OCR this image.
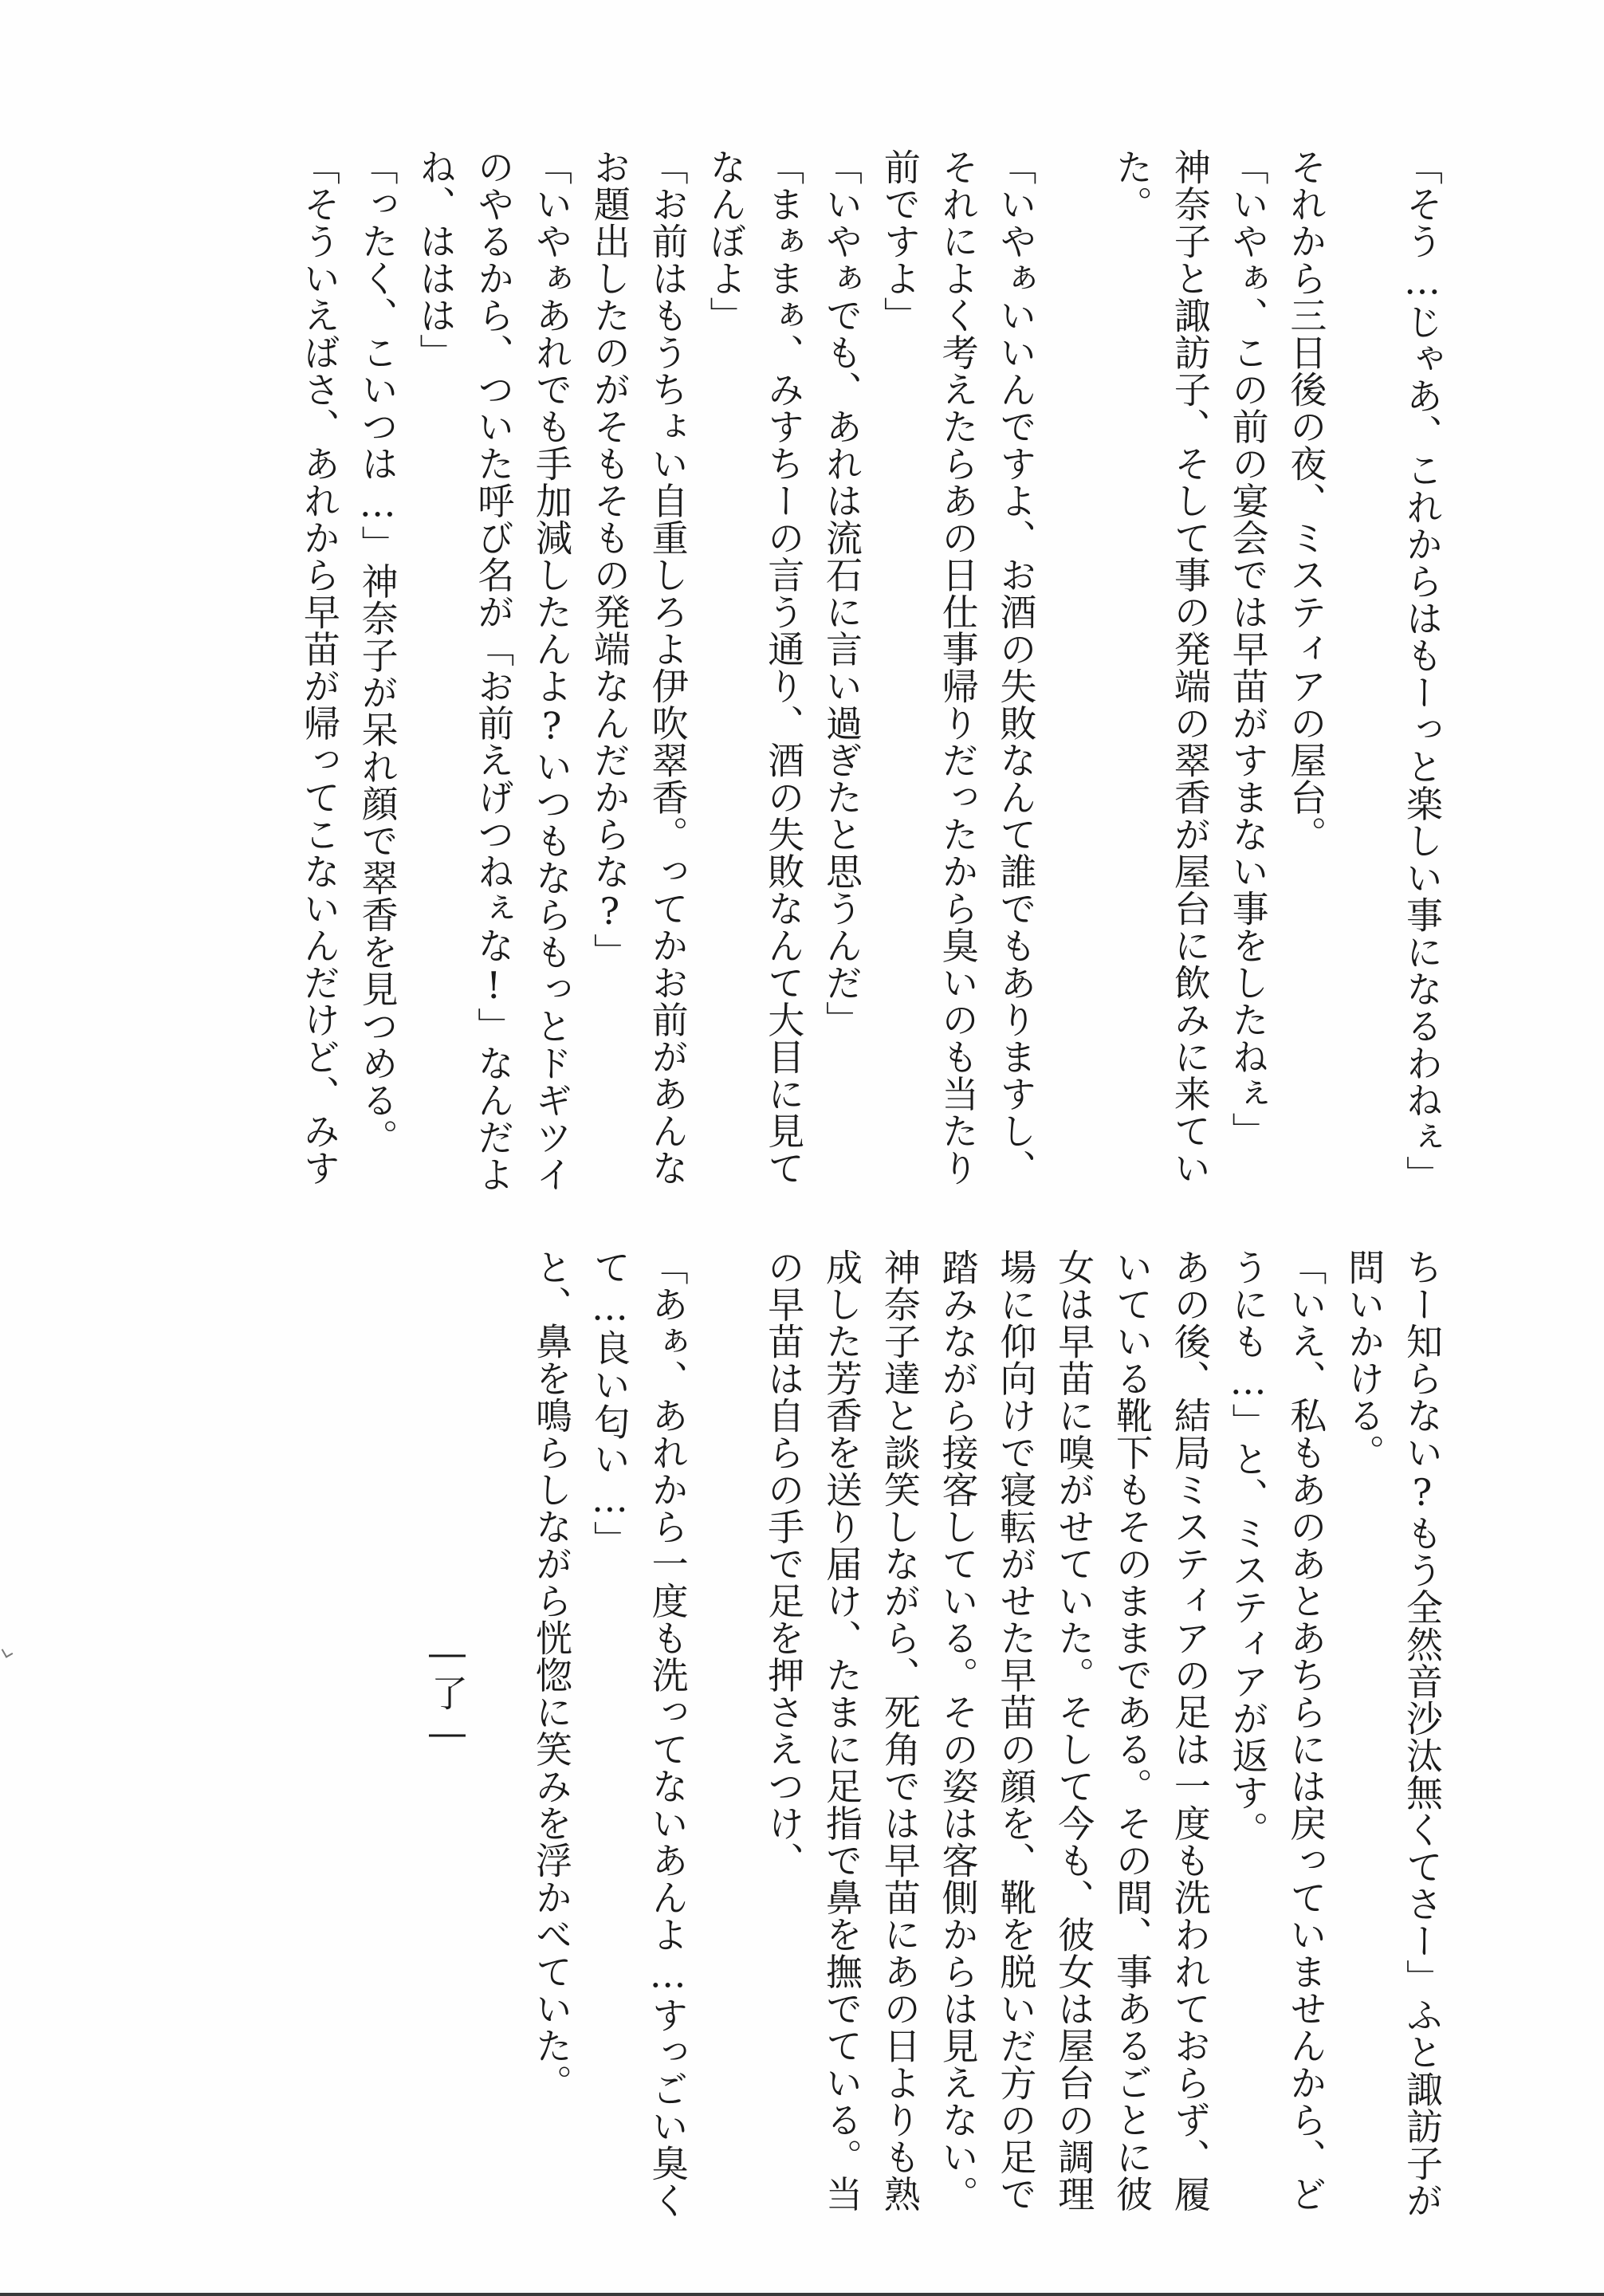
「そう…じゃあ、これからはもーっと楽しい事になるわねぇ」
それから三日後の夜、ミスティアの屋台。
「いやぁ、この前の宴会では早苗がすまない事をしたねぇ」
神奈子と諏訪子、そして事の発端の翠香が屋台に飲みに来てい
た。
「いやぁいいんですよ、お酒の失敗なんて誰でもありますし、
それによく考えたらあの日仕事帰りだったから臭いのも当たり
前ですよ」
「いやぁでも、あれは流石に言い過ぎたと思うんだ」
「まぁまぁ、みすちーの言う通り、酒の失敗なんて大目に見て
なんぼよ」
「お前はもうちょい自重しろよ伊吹翠香。ってかお前があんな
お題出したのがそもそもの発端なんだからな?」
「いやぁあれでも手加減したんよ?いつもならもっとドギツイ
のやるから、ついた呼び名が「お前えげつねぇな!」なんだよ
ね、ははは」
「ったく、こいつは…」神奈子が呆れ顔で翠香を見つめる。
「そういえばさ、あれから早苗が帰ってこないんだけど、みす
ちー知らない?もう全然音沙汰無くてさー」ふと諏訪子が
問いかける。
「いえ、私もあのあとあちらには戻っていませんから、ど
うにも…」と、ミスティアが返す。
あの後、結局ミスティアの足は一度も洗われておらず、履
いている靴下もそのままである。その間、事あるごとに彼
女は早苗に嗅がせていた。そして今も、彼女は屋台の調理
場に仰向けで寝転がせた早苗の顔を、靴を脱いだ方の足で
踏みながら接客している。その姿は客側からは見えない。
神奈子達と談笑しながら、死角では早苗にあの日よりも熟
成した芳香を送り届け、たまに足指で鼻を撫でている。当
の早苗は自らの手で足を押さえつけ、
「あぁ、あれから一度も洗ってないあんよ…すっごい臭く
て…良い匂い…」
と、鼻を鳴らしながら恍惚に笑みを浮かべていた。
―了―
